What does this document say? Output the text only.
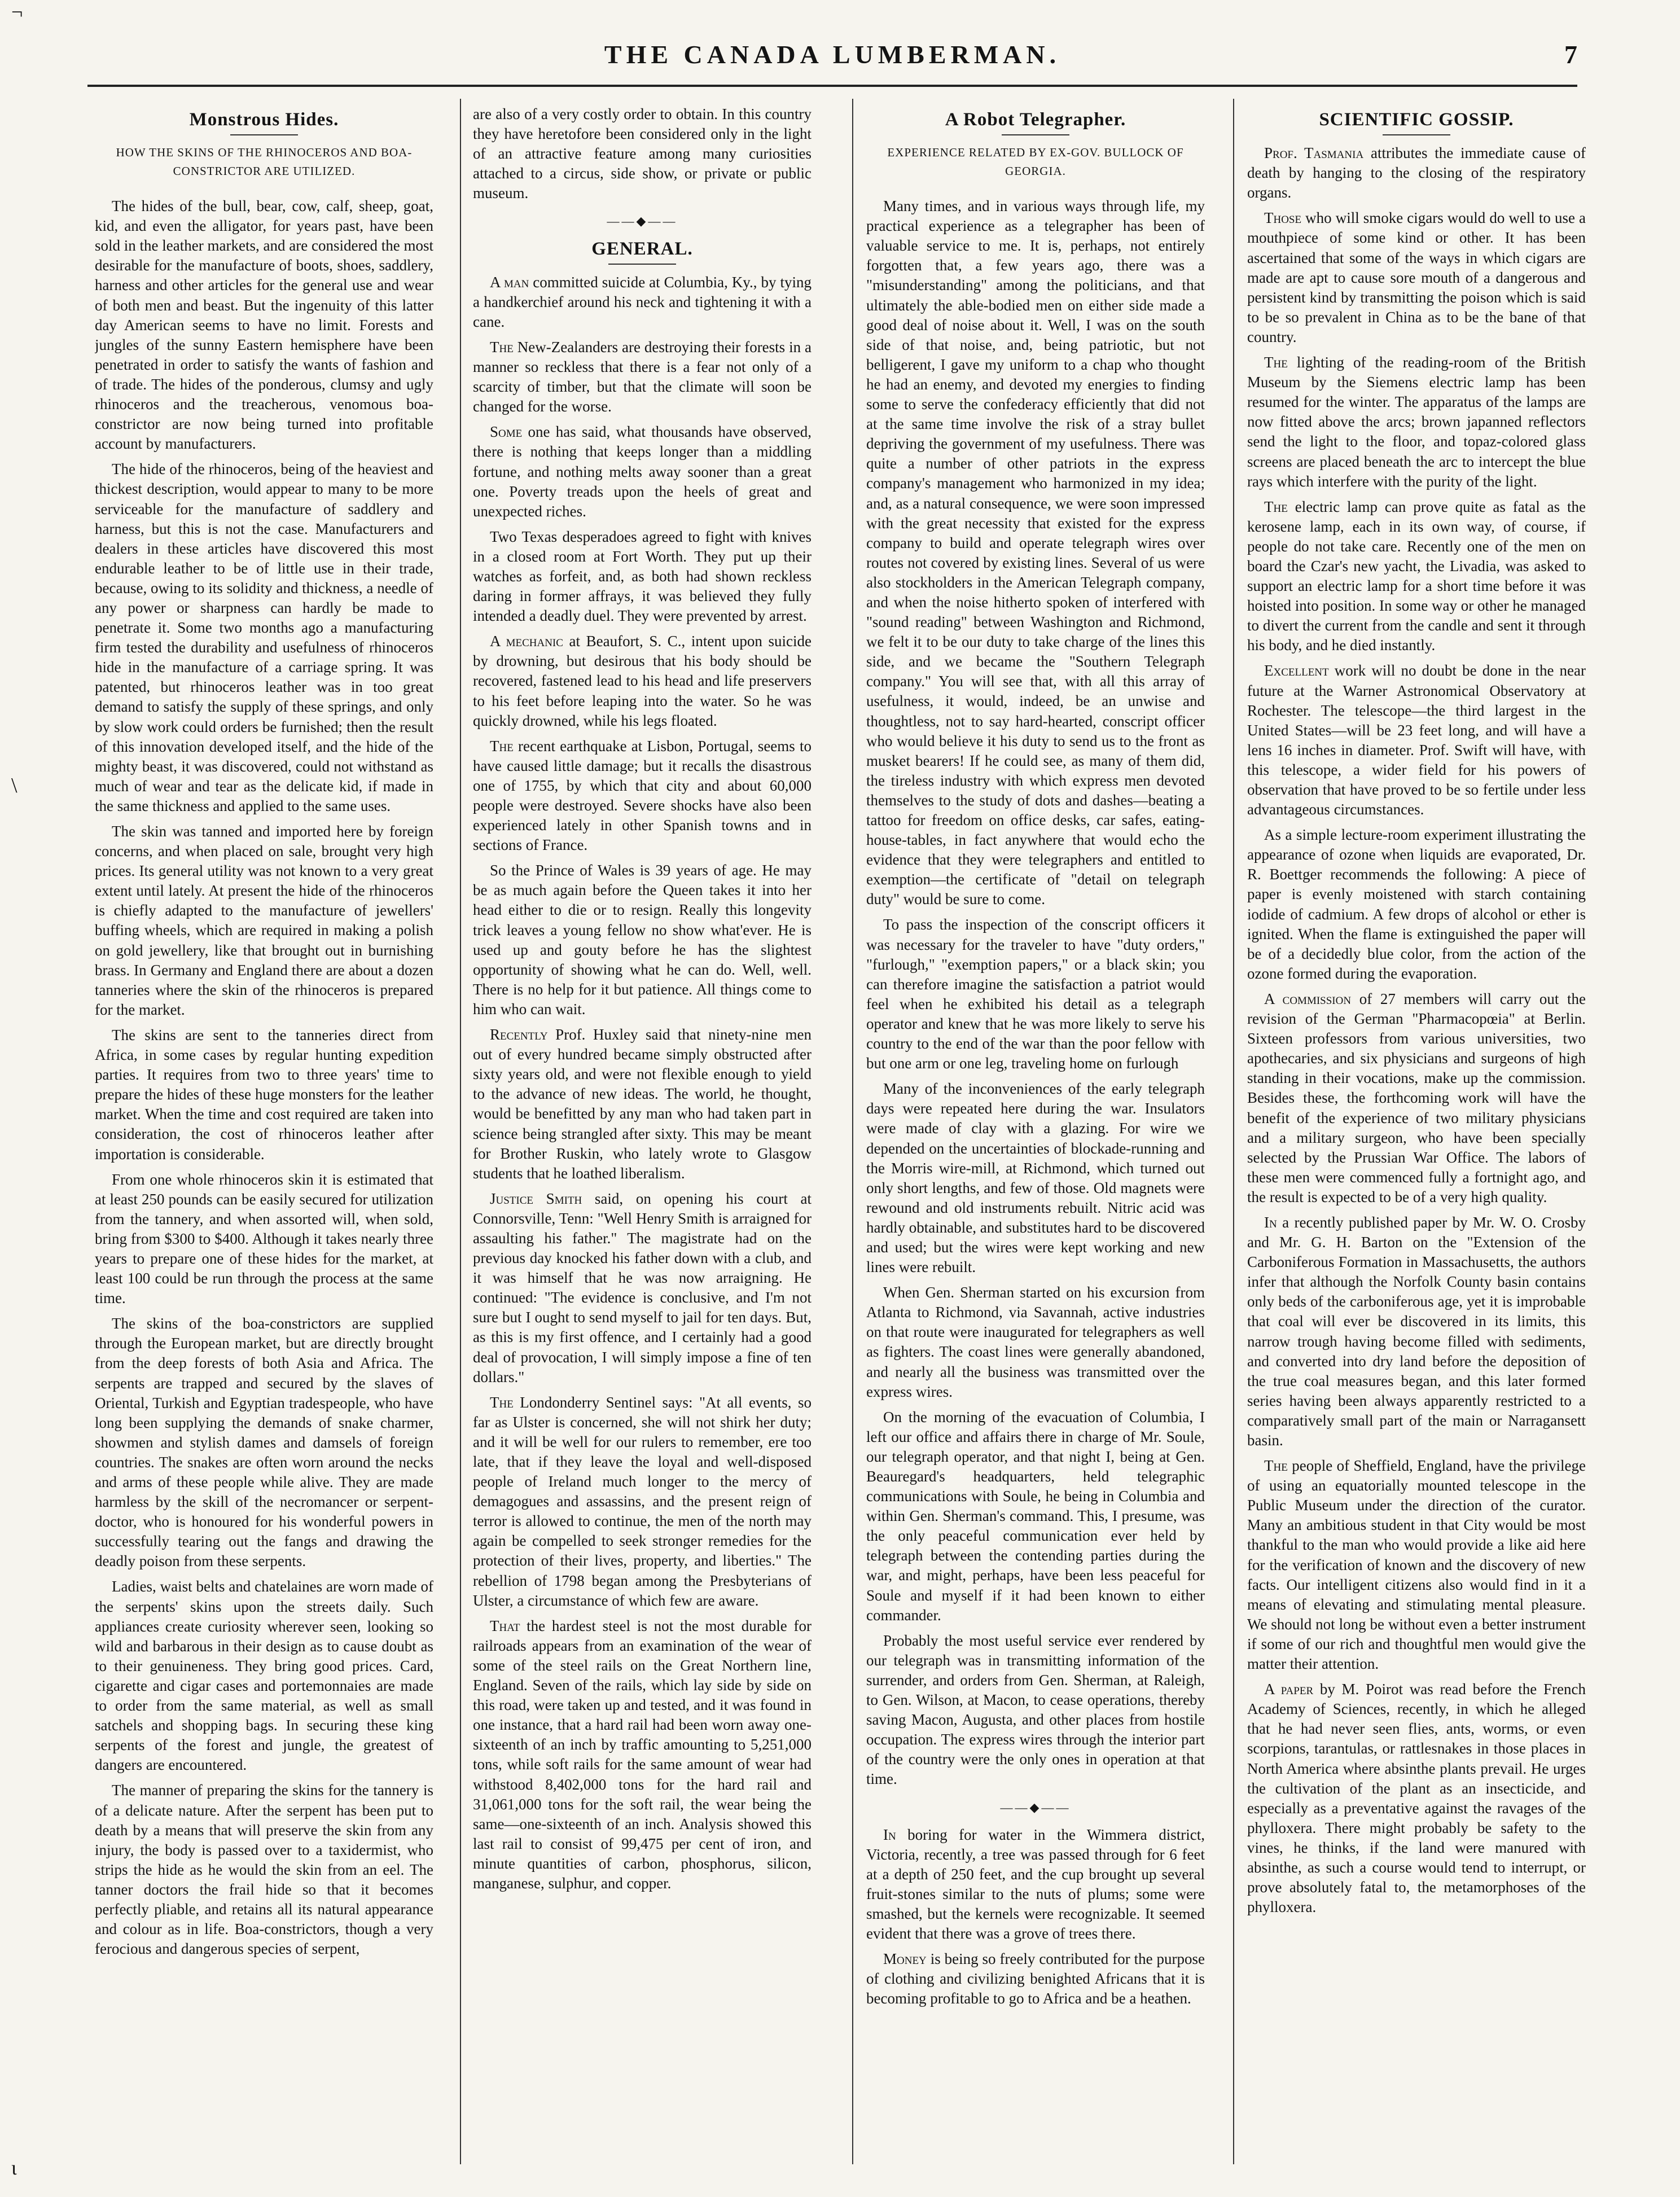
¬
\
ι
THE CANADA LUMBERMAN.	7
Monstrous Hides.
HOW THE SKINS OF THE RHINOCEROS AND BOA-CONSTRICTOR ARE UTILIZED.

The hides of the bull, bear, cow, calf, sheep, goat, kid, and even the alligator, for years past, have been sold in the leather markets, and are considered the most desirable for the manufacture of boots, shoes, saddlery, harness and other articles for the general use and wear of both men and beast. But the ingenuity of this latter day American seems to have no limit. Forests and jungles of the sunny Eastern hemisphere have been penetrated in order to satisfy the wants of fashion and of trade. The hides of the ponderous, clumsy and ugly rhinoceros and the treacherous, venomous boa-constrictor are now being turned into profitable account by manufacturers.

The hide of the rhinoceros, being of the heaviest and thickest description, would appear to many to be more serviceable for the manufacture of saddlery and harness, but this is not the case. Manufacturers and dealers in these articles have discovered this most endurable leather to be of little use in their trade, because, owing to its solidity and thickness, a needle of any power or sharpness can hardly be made to penetrate it. Some two months ago a manufacturing firm tested the durability and usefulness of rhinoceros hide in the manufacture of a carriage spring. It was patented, but rhinoceros leather was in too great demand to satisfy the supply of these springs, and only by slow work could orders be furnished; then the result of this innovation developed itself, and the hide of the mighty beast, it was discovered, could not withstand as much of wear and tear as the delicate kid, if made in the same thickness and applied to the same uses.

The skin was tanned and imported here by foreign concerns, and when placed on sale, brought very high prices. Its general utility was not known to a very great extent until lately. At present the hide of the rhinoceros is chiefly adapted to the manufacture of jewellers' buffing wheels, which are required in making a polish on gold jewellery, like that brought out in burnishing brass. In Germany and England there are about a dozen tanneries where the skin of the rhinoceros is prepared for the market.

The skins are sent to the tanneries direct from Africa, in some cases by regular hunting expedition parties. It requires from two to three years' time to prepare the hides of these huge monsters for the leather market. When the time and cost required are taken into consideration, the cost of rhinoceros leather after importation is considerable.

From one whole rhinoceros skin it is estimated that at least 250 pounds can be easily secured for utilization from the tannery, and when assorted will, when sold, bring from $300 to $400. Although it takes nearly three years to prepare one of these hides for the market, at least 100 could be run through the process at the same time.

The skins of the boa-constrictors are supplied through the European market, but are directly brought from the deep forests of both Asia and Africa. The serpents are trapped and secured by the slaves of Oriental, Turkish and Egyptian tradespeople, who have long been supplying the demands of snake charmer, showmen and stylish dames and damsels of foreign countries. The snakes are often worn around the necks and arms of these people while alive. They are made harmless by the skill of the necromancer or serpent-doctor, who is honoured for his wonderful powers in successfully tearing out the fangs and drawing the deadly poison from these serpents.

Ladies, waist belts and chatelaines are worn made of the serpents' skins upon the streets daily. Such appliances create curiosity wherever seen, looking so wild and barbarous in their design as to cause doubt as to their genuineness. They bring good prices. Card, cigarette and cigar cases and portemonnaies are made to order from the same material, as well as small satchels and shopping bags. In securing these king serpents of the forest and jungle, the greatest of dangers are encountered.

The manner of preparing the skins for the tannery is of a delicate nature. After the serpent has been put to death by a means that will preserve the skin from any injury, the body is passed over to a taxidermist, who strips the hide as he would the skin from an eel. The tanner doctors the frail hide so that it becomes perfectly pliable, and retains all its natural appearance and colour as in life. Boa-constrictors, though a very ferocious and dangerous species of serpent,

are also of a very costly order to obtain. In this country they have heretofore been considered only in the light of an attractive feature among many curiosities attached to a circus, side show, or private or public museum.

——◆——
GENERAL.

A man committed suicide at Columbia, Ky., by tying a handkerchief around his neck and tightening it with a cane.

The New-Zealanders are destroying their forests in a manner so reckless that there is a fear not only of a scarcity of timber, but that the climate will soon be changed for the worse.

Some one has said, what thousands have observed, there is nothing that keeps longer than a middling fortune, and nothing melts away sooner than a great one. Poverty treads upon the heels of great and unexpected riches.

Two Texas desperadoes agreed to fight with knives in a closed room at Fort Worth. They put up their watches as forfeit, and, as both had shown reckless daring in former affrays, it was believed they fully intended a deadly duel. They were prevented by arrest.

A mechanic at Beaufort, S. C., intent upon suicide by drowning, but desirous that his body should be recovered, fastened lead to his head and life preservers to his feet before leaping into the water. So he was quickly drowned, while his legs floated.

The recent earthquake at Lisbon, Portugal, seems to have caused little damage; but it recalls the disastrous one of 1755, by which that city and about 60,000 people were destroyed. Severe shocks have also been experienced lately in other Spanish towns and in sections of France.

So the Prince of Wales is 39 years of age. He may be as much again before the Queen takes it into her head either to die or to resign. Really this longevity trick leaves a young fellow no show what'ever. He is used up and gouty before he has the slightest opportunity of showing what he can do. Well, well. There is no help for it but patience. All things come to him who can wait.

Recently Prof. Huxley said that ninety-nine men out of every hundred became simply obstructed after sixty years old, and were not flexible enough to yield to the advance of new ideas. The world, he thought, would be benefitted by any man who had taken part in science being strangled after sixty. This may be meant for Brother Ruskin, who lately wrote to Glasgow students that he loathed liberalism.

Justice Smith said, on opening his court at Connorsville, Tenn: "Well Henry Smith is arraigned for assaulting his father." The magistrate had on the previous day knocked his father down with a club, and it was himself that he was now arraigning. He continued: "The evidence is conclusive, and I'm not sure but I ought to send myself to jail for ten days. But, as this is my first offence, and I certainly had a good deal of provocation, I will simply impose a fine of ten dollars."

The Londonderry Sentinel says: "At all events, so far as Ulster is concerned, she will not shirk her duty; and it will be well for our rulers to remember, ere too late, that if they leave the loyal and well-disposed people of Ireland much longer to the mercy of demagogues and assassins, and the present reign of terror is allowed to continue, the men of the north may again be compelled to seek stronger remedies for the protection of their lives, property, and liberties." The rebellion of 1798 began among the Presbyterians of Ulster, a circumstance of which few are aware.

That the hardest steel is not the most durable for railroads appears from an examination of the wear of some of the steel rails on the Great Northern line, England. Seven of the rails, which lay side by side on this road, were taken up and tested, and it was found in one instance, that a hard rail had been worn away one-sixteenth of an inch by traffic amounting to 5,251,000 tons, while soft rails for the same amount of wear had withstood 8,402,000 tons for the hard rail and 31,061,000 tons for the soft rail, the wear being the same—one-sixteenth of an inch. Analysis showed this last rail to consist of 99,475 per cent of iron, and minute quantities of carbon, phosphorus, silicon, manganese, sulphur, and copper.

A Robot Telegrapher.
EXPERIENCE RELATED BY EX-GOV. BULLOCK OF GEORGIA.

Many times, and in various ways through life, my practical experience as a telegrapher has been of valuable service to me. It is, perhaps, not entirely forgotten that, a few years ago, there was a "misunderstanding" among the politicians, and that ultimately the able-bodied men on either side made a good deal of noise about it. Well, I was on the south side of that noise, and, being patriotic, but not belligerent, I gave my uniform to a chap who thought he had an enemy, and devoted my energies to finding some to serve the confederacy efficiently that did not at the same time involve the risk of a stray bullet depriving the government of my usefulness. There was quite a number of other patriots in the express company's management who harmonized in my idea; and, as a natural consequence, we were soon impressed with the great necessity that existed for the express company to build and operate telegraph wires over routes not covered by existing lines. Several of us were also stockholders in the American Telegraph company, and when the noise hitherto spoken of interfered with "sound reading" between Washington and Richmond, we felt it to be our duty to take charge of the lines this side, and we became the "Southern Telegraph company." You will see that, with all this array of usefulness, it would, indeed, be an unwise and thoughtless, not to say hard-hearted, conscript officer who would believe it his duty to send us to the front as musket bearers! If he could see, as many of them did, the tireless industry with which express men devoted themselves to the study of dots and dashes—beating a tattoo for freedom on office desks, car safes, eating-house-tables, in fact anywhere that would echo the evidence that they were telegraphers and entitled to exemption—the certificate of "detail on telegraph duty" would be sure to come.

To pass the inspection of the conscript officers it was necessary for the traveler to have "duty orders," "furlough," "exemption papers," or a black skin; you can therefore imagine the satisfaction a patriot would feel when he exhibited his detail as a telegraph operator and knew that he was more likely to serve his country to the end of the war than the poor fellow with but one arm or one leg, traveling home on furlough

Many of the inconveniences of the early telegraph days were repeated here during the war. Insulators were made of clay with a glazing. For wire we depended on the uncertainties of blockade-running and the Morris wire-mill, at Richmond, which turned out only short lengths, and few of those. Old magnets were rewound and old instruments rebuilt. Nitric acid was hardly obtainable, and substitutes hard to be discovered and used; but the wires were kept working and new lines were rebuilt.

When Gen. Sherman started on his excursion from Atlanta to Richmond, via Savannah, active industries on that route were inaugurated for telegraphers as well as fighters. The coast lines were generally abandoned, and nearly all the business was transmitted over the express wires.

On the morning of the evacuation of Columbia, I left our office and affairs there in charge of Mr. Soule, our telegraph operator, and that night I, being at Gen. Beauregard's headquarters, held telegraphic communications with Soule, he being in Columbia and within Gen. Sherman's command. This, I presume, was the only peaceful communication ever held by telegraph between the contending parties during the war, and might, perhaps, have been less peaceful for Soule and myself if it had been known to either commander.

Probably the most useful service ever rendered by our telegraph was in transmitting information of the surrender, and orders from Gen. Sherman, at Raleigh, to Gen. Wilson, at Macon, to cease operations, thereby saving Macon, Augusta, and other places from hostile occupation. The express wires through the interior part of the country were the only ones in operation at that time.

——◆——

In boring for water in the Wimmera district, Victoria, recently, a tree was passed through for 6 feet at a depth of 250 feet, and the cup brought up several fruit-stones similar to the nuts of plums; some were smashed, but the kernels were recognizable. It seemed evident that there was a grove of trees there.

Money is being so freely contributed for the purpose of clothing and civilizing benighted Africans that it is becoming profitable to go to Africa and be a heathen.

SCIENTIFIC GOSSIP.

Prof. Tasmania attributes the immediate cause of death by hanging to the closing of the respiratory organs.

Those who will smoke cigars would do well to use a mouthpiece of some kind or other. It has been ascertained that some of the ways in which cigars are made are apt to cause sore mouth of a dangerous and persistent kind by transmitting the poison which is said to be so prevalent in China as to be the bane of that country.

The lighting of the reading-room of the British Museum by the Siemens electric lamp has been resumed for the winter. The apparatus of the lamps are now fitted above the arcs; brown japanned reflectors send the light to the floor, and topaz-colored glass screens are placed beneath the arc to intercept the blue rays which interfere with the purity of the light.

The electric lamp can prove quite as fatal as the kerosene lamp, each in its own way, of course, if people do not take care. Recently one of the men on board the Czar's new yacht, the Livadia, was asked to support an electric lamp for a short time before it was hoisted into position. In some way or other he managed to divert the current from the candle and sent it through his body, and he died instantly.

Excellent work will no doubt be done in the near future at the Warner Astronomical Observatory at Rochester. The telescope—the third largest in the United States—will be 23 feet long, and will have a lens 16 inches in diameter. Prof. Swift will have, with this telescope, a wider field for his powers of observation that have proved to be so fertile under less advantageous circumstances.

As a simple lecture-room experiment illustrating the appearance of ozone when liquids are evaporated, Dr. R. Boettger recommends the following: A piece of paper is evenly moistened with starch containing iodide of cadmium. A few drops of alcohol or ether is ignited. When the flame is extinguished the paper will be of a decidedly blue color, from the action of the ozone formed during the evaporation.

A commission of 27 members will carry out the revision of the German "Pharmacopœia" at Berlin. Sixteen professors from various universities, two apothecaries, and six physicians and surgeons of high standing in their vocations, make up the commission. Besides these, the forthcoming work will have the benefit of the experience of two military physicians and a military surgeon, who have been specially selected by the Prussian War Office. The labors of these men were commenced fully a fortnight ago, and the result is expected to be of a very high quality.

In a recently published paper by Mr. W. O. Crosby and Mr. G. H. Barton on the "Extension of the Carboniferous Formation in Massachusetts, the authors infer that although the Norfolk County basin contains only beds of the carboniferous age, yet it is improbable that coal will ever be discovered in its limits, this narrow trough having become filled with sediments, and converted into dry land before the deposition of the true coal measures began, and this later formed series having been always apparently restricted to a comparatively small part of the main or Narragansett basin.

The people of Sheffield, England, have the privilege of using an equatorially mounted telescope in the Public Museum under the direction of the curator. Many an ambitious student in that City would be most thankful to the man who would provide a like aid here for the verification of known and the discovery of new facts. Our intelligent citizens also would find in it a means of elevating and stimulating mental pleasure. We should not long be without even a better instrument if some of our rich and thoughtful men would give the matter their attention.

A paper by M. Poirot was read before the French Academy of Sciences, recently, in which he alleged that he had never seen flies, ants, worms, or even scorpions, tarantulas, or rattlesnakes in those places in North America where absinthe plants prevail. He urges the cultivation of the plant as an insecticide, and especially as a preventative against the ravages of the phylloxera. There might probably be safety to the vines, he thinks, if the land were manured with absinthe, as such a course would tend to interrupt, or prove absolutely fatal to, the metamorphoses of the phylloxera.
